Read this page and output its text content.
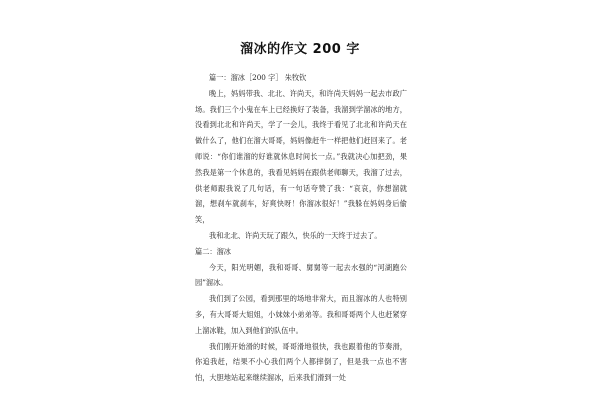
溜冰的作文 200 字

篇一：溜冰［200 字］ 朱牧钦

晚上，妈妈带我、北北、许尚天，和许尚天妈妈一起去市政广场。我们三个小鬼在车上已经换好了装备，我溜到学溜冰的地方，没看到北北和许尚天，学了一会儿，我终于看见了北北和许尚天在做什么了，他们在溜大哥哥，妈妈像赶牛一样把他们赶回来了。老师说：“你们谁溜的好谁就休息时间长一点。”我就决心加把劲，果然我是第一个休息的，我看见妈妈在跟供老师聊天，我溜了过去，供老师跟我说了几句话，有一句话夸赞了我：“哀哀，你想溜就溜，想刹车就刹车，好爽快呀！你溜冰很好！”我躲在妈妈身后偷笑，

我和北北、许尚天玩了跟久，快乐的一天终于过去了。

篇二：溜冰

今天，阳光明媚，我和哥哥、舅舅等一起去水强的“河湖跑公园”溜冰。

我们到了公园，看到那里的场地非常大，而且溜冰的人也特别多，有大哥哥大姐姐，小妹妹小弟弟等。我和哥哥两个人也赶紧穿上溜冰鞋，加入到他们的队伍中。

我们刚开始滑的时候，哥哥滑地很快，我也跟着他的节奏滑，你追我赶，结果不小心我们两个人都摔倒了，但是我一点也不害怕，大胆地站起来继续溜冰，后来我们滑到一处
